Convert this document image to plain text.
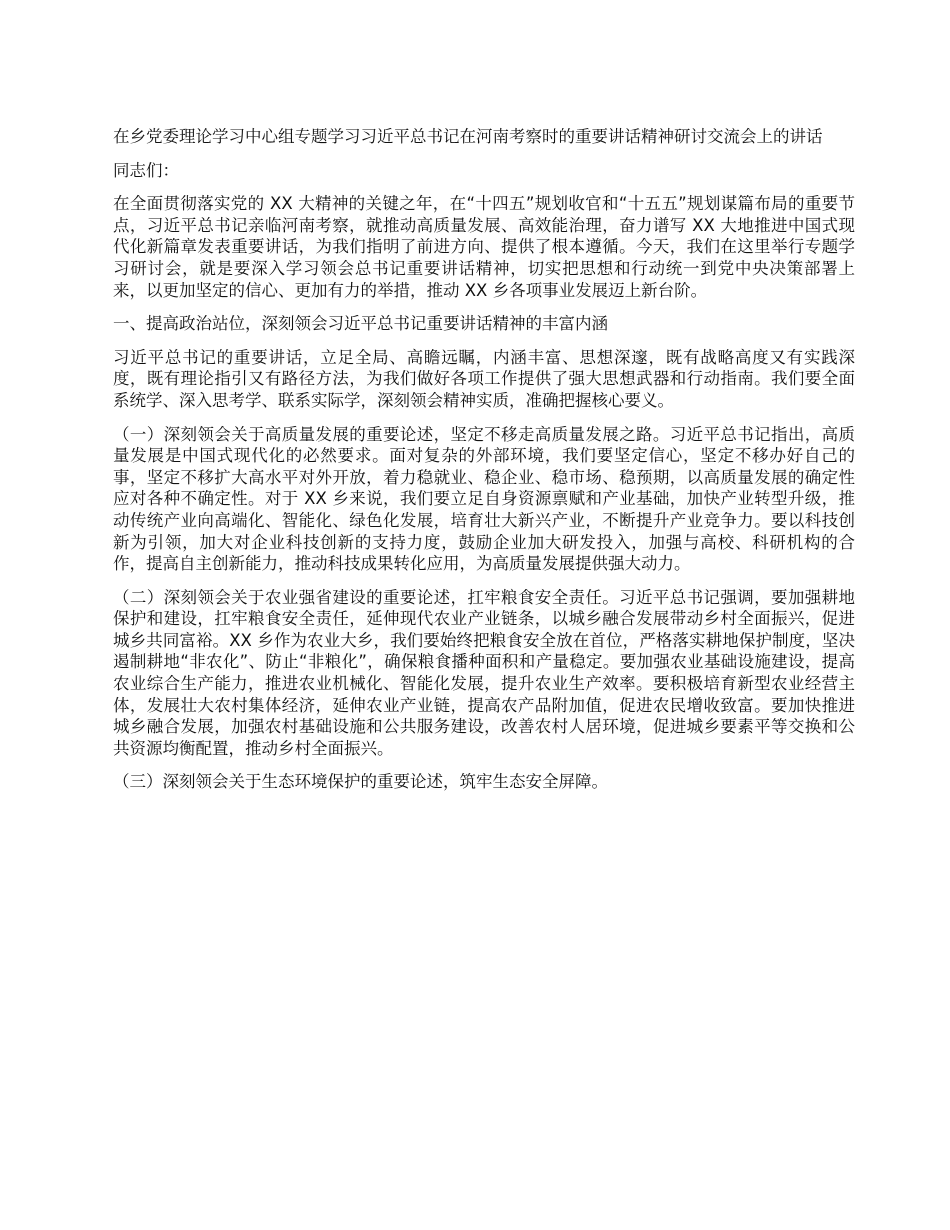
在乡党委理论学习中心组专题学习习近平总书记在河南考察时的重要讲话精神研讨交流会上的讲话

同志们：

在全面贯彻落实党的 XX 大精神的关键之年，在“十四五”规划收官和“十五五”规划谋篇布局的重要节点，习近平总书记亲临河南考察，就推动高质量发展、高效能治理，奋力谱写 XX 大地推进中国式现代化新篇章发表重要讲话，为我们指明了前进方向、提供了根本遵循。今天，我们在这里举行专题学习研讨会，就是要深入学习领会总书记重要讲话精神，切实把思想和行动统一到党中央决策部署上来，以更加坚定的信心、更加有力的举措，推动 XX 乡各项事业发展迈上新台阶。

一、提高政治站位，深刻领会习近平总书记重要讲话精神的丰富内涵

习近平总书记的重要讲话，立足全局、高瞻远瞩，内涵丰富、思想深邃，既有战略高度又有实践深度，既有理论指引又有路径方法，为我们做好各项工作提供了强大思想武器和行动指南。我们要全面系统学、深入思考学、联系实际学，深刻领会精神实质，准确把握核心要义。

（一）深刻领会关于高质量发展的重要论述，坚定不移走高质量发展之路。习近平总书记指出，高质量发展是中国式现代化的必然要求。面对复杂的外部环境，我们要坚定信心，坚定不移办好自己的事，坚定不移扩大高水平对外开放，着力稳就业、稳企业、稳市场、稳预期，以高质量发展的确定性应对各种不确定性。对于 XX 乡来说，我们要立足自身资源禀赋和产业基础，加快产业转型升级，推动传统产业向高端化、智能化、绿色化发展，培育壮大新兴产业，不断提升产业竞争力。要以科技创新为引领，加大对企业科技创新的支持力度，鼓励企业加大研发投入，加强与高校、科研机构的合作，提高自主创新能力，推动科技成果转化应用，为高质量发展提供强大动力。

（二）深刻领会关于农业强省建设的重要论述，扛牢粮食安全责任。习近平总书记强调，要加强耕地保护和建设，扛牢粮食安全责任，延伸现代农业产业链条，以城乡融合发展带动乡村全面振兴，促进城乡共同富裕。XX 乡作为农业大乡，我们要始终把粮食安全放在首位，严格落实耕地保护制度，坚决遏制耕地“非农化”、防止“非粮化”，确保粮食播种面积和产量稳定。要加强农业基础设施建设，提高农业综合生产能力，推进农业机械化、智能化发展，提升农业生产效率。要积极培育新型农业经营主体，发展壮大农村集体经济，延伸农业产业链，提高农产品附加值，促进农民增收致富。要加快推进城乡融合发展，加强农村基础设施和公共服务建设，改善农村人居环境，促进城乡要素平等交换和公共资源均衡配置，推动乡村全面振兴。

（三）深刻领会关于生态环境保护的重要论述，筑牢生态安全屏障。
